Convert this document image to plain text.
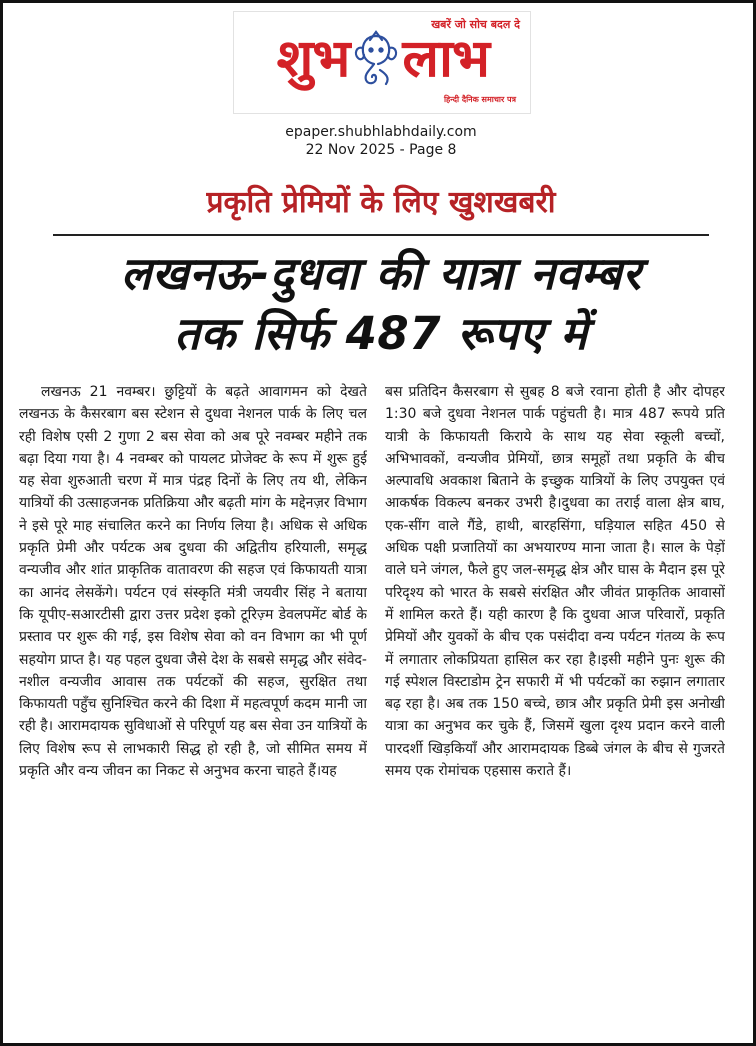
खबरें जो सोच बदल दे
शुभ लाभ
हिन्दी दैनिक समाचार पत्र
epaper.shubhlabhdaily.com
22 Nov 2025 - Page 8
प्रकृति प्रेमियों के लिए खुशखबरी
लखनऊ-दुधवा की यात्रा नवम्बर
तक सिर्फ 487 रूपए में
लखनऊ 21 नवम्बर। छुट्टियों के बढ़ते आवागमन को देखते लखनऊ के कैसरबाग बस स्टेशन से दुधवा नेशनल पार्क के लिए चल रही विशेष एसी 2 गुणा 2 बस सेवा को अब पूरे नवम्बर महीने तक बढ़ा दिया गया है। 4 नवम्बर को पायलट प्रोजेक्ट के रूप में शुरू हुई यह सेवा शुरुआती चरण में मात्र पंद्रह दिनों के लिए तय थी, लेकिन यात्रियों की उत्साहजनक प्रतिक्रिया और बढ़ती मांग के मद्देनज़र विभाग ने इसे पूरे माह संचालित करने का निर्णय लिया है। अधिक से अधिक प्रकृति प्रेमी और पर्यटक अब दुधवा की अद्वितीय हरियाली, समृद्ध वन्यजीव और शांत प्राकृतिक वातावरण की सहज एवं किफायती यात्रा का आनंद लेसकेंगे। पर्यटन एवं संस्कृति मंत्री जयवीर सिंह ने बताया कि यूपीए-सआरटीसी द्वारा उत्तर प्रदेश इको टूरिज़्म डेवलपमेंट बोर्ड के प्रस्ताव पर शुरू की गई, इस विशेष सेवा को वन विभाग का भी पूर्ण सहयोग प्राप्त है। यह पहल दुधवा जैसे देश के सबसे समृद्ध और संवेद-नशील वन्यजीव आवास तक पर्यटकों की सहज, सुरक्षित तथा किफायती पहुँच सुनिश्चित करने की दिशा में महत्वपूर्ण कदम मानी जा रही है। आरामदायक सुविधाओं से परिपूर्ण यह बस सेवा उन यात्रियों के लिए विशेष रूप से लाभकारी सिद्ध हो रही है, जो सीमित समय में प्रकृति और वन्य जीवन का निकट से अनुभव करना चाहते हैं।यह
बस प्रतिदिन कैसरबाग से सुबह 8 बजे रवाना होती है और दोपहर 1:30 बजे दुधवा नेशनल पार्क पहुंचती है। मात्र 487 रूपये प्रति यात्री के किफायती किराये के साथ यह सेवा स्कूली बच्चों, अभिभावकों, वन्यजीव प्रेमियों, छात्र समूहों तथा प्रकृति के बीच अल्पावधि अवकाश बिताने के इच्छुक यात्रियों के लिए उपयुक्त एवं आकर्षक विकल्प बनकर उभरी है।दुधवा का तराई वाला क्षेत्र बाघ, एक-सींग वाले गैंडे, हाथी, बारहसिंगा, घड़ियाल सहित 450 से अधिक पक्षी प्रजातियों का अभयारण्य माना जाता है। साल के पेड़ों वाले घने जंगल, फैले हुए जल-समृद्ध क्षेत्र और घास के मैदान इस पूरे परिदृश्य को भारत के सबसे संरक्षित और जीवंत प्राकृतिक आवासों में शामिल करते हैं। यही कारण है कि दुधवा आज परिवारों, प्रकृति प्रेमियों और युवकों के बीच एक पसंदीदा वन्य पर्यटन गंतव्य के रूप में लगातार लोकप्रियता हासिल कर रहा है।इसी महीने पुनः शुरू की गई स्पेशल विस्टाडोम ट्रेन सफारी में भी पर्यटकों का रुझान लगातार बढ़ रहा है। अब तक 150 बच्चे, छात्र और प्रकृति प्रेमी इस अनोखी यात्रा का अनुभव कर चुके हैं, जिसमें खुला दृश्य प्रदान करने वाली पारदर्शी खिड़कियाँ और आरामदायक डिब्बे जंगल के बीच से गुजरते समय एक रोमांचक एहसास कराते हैं।
